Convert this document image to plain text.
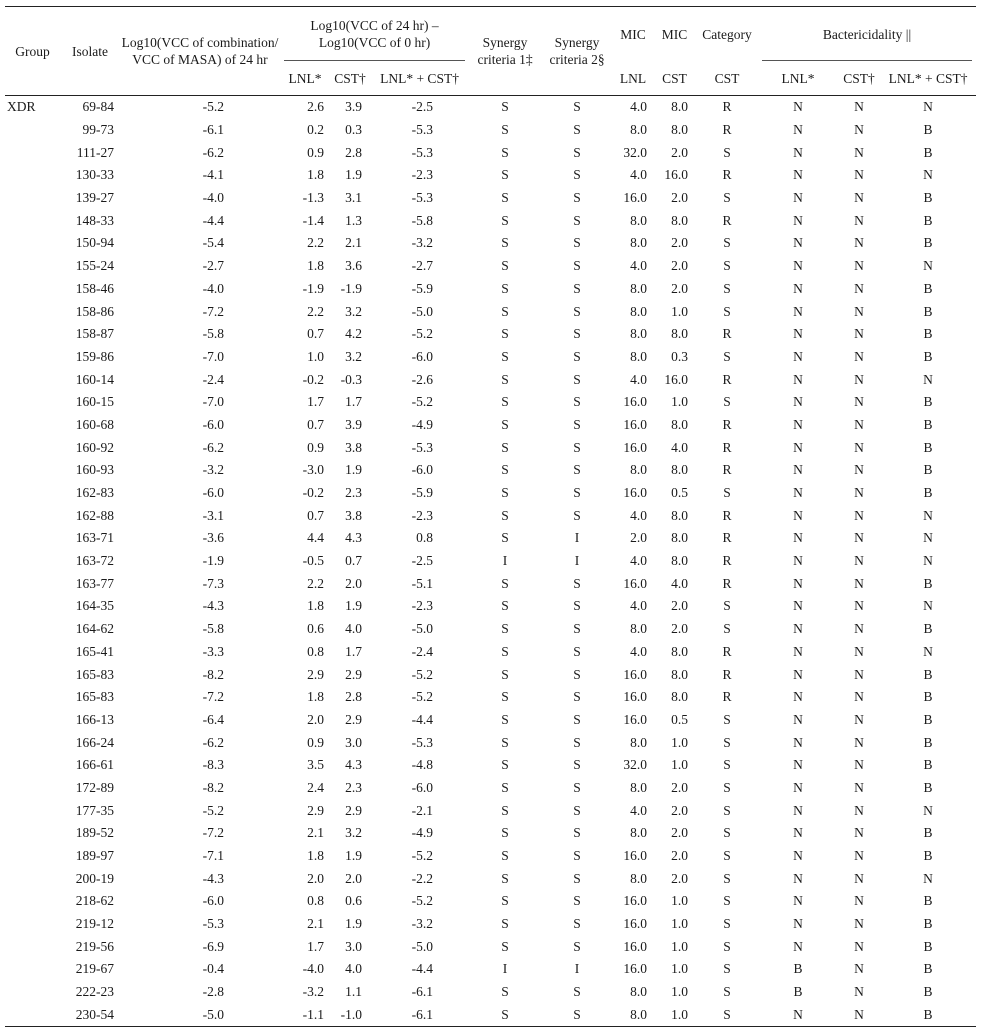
Group	Isolate	Log10(VCC of combination/ VCC of MASA) of 24 hr	Log10(VCC of 24 hr) – Log10(VCC of 0 hr)			Synergy criteria 1‡	Synergy criteria 2§	MIC	MIC	Category	Bactericidality ||		
			LNL*	CST†	LNL* + CST†			LNL	CST	CST	LNL*	CST†	LNL* + CST†
XDR	69-84	-5.2	2.6	3.9	-2.5	S	S	4.0	8.0	R	N	N	N
	99-73	-6.1	0.2	0.3	-5.3	S	S	8.0	8.0	R	N	N	B
	111-27	-6.2	0.9	2.8	-5.3	S	S	32.0	2.0	S	N	N	B
	130-33	-4.1	1.8	1.9	-2.3	S	S	4.0	16.0	R	N	N	N
	139-27	-4.0	-1.3	3.1	-5.3	S	S	16.0	2.0	S	N	N	B
	148-33	-4.4	-1.4	1.3	-5.8	S	S	8.0	8.0	R	N	N	B
	150-94	-5.4	2.2	2.1	-3.2	S	S	8.0	2.0	S	N	N	B
	155-24	-2.7	1.8	3.6	-2.7	S	S	4.0	2.0	S	N	N	N
	158-46	-4.0	-1.9	-1.9	-5.9	S	S	8.0	2.0	S	N	N	B
	158-86	-7.2	2.2	3.2	-5.0	S	S	8.0	1.0	S	N	N	B
	158-87	-5.8	0.7	4.2	-5.2	S	S	8.0	8.0	R	N	N	B
	159-86	-7.0	1.0	3.2	-6.0	S	S	8.0	0.3	S	N	N	B
	160-14	-2.4	-0.2	-0.3	-2.6	S	S	4.0	16.0	R	N	N	N
	160-15	-7.0	1.7	1.7	-5.2	S	S	16.0	1.0	S	N	N	B
	160-68	-6.0	0.7	3.9	-4.9	S	S	16.0	8.0	R	N	N	B
	160-92	-6.2	0.9	3.8	-5.3	S	S	16.0	4.0	R	N	N	B
	160-93	-3.2	-3.0	1.9	-6.0	S	S	8.0	8.0	R	N	N	B
	162-83	-6.0	-0.2	2.3	-5.9	S	S	16.0	0.5	S	N	N	B
	162-88	-3.1	0.7	3.8	-2.3	S	S	4.0	8.0	R	N	N	N
	163-71	-3.6	4.4	4.3	0.8	S	I	2.0	8.0	R	N	N	N
	163-72	-1.9	-0.5	0.7	-2.5	I	I	4.0	8.0	R	N	N	N
	163-77	-7.3	2.2	2.0	-5.1	S	S	16.0	4.0	R	N	N	B
	164-35	-4.3	1.8	1.9	-2.3	S	S	4.0	2.0	S	N	N	N
	164-62	-5.8	0.6	4.0	-5.0	S	S	8.0	2.0	S	N	N	B
	165-41	-3.3	0.8	1.7	-2.4	S	S	4.0	8.0	R	N	N	N
	165-83	-8.2	2.9	2.9	-5.2	S	S	16.0	8.0	R	N	N	B
	165-83	-7.2	1.8	2.8	-5.2	S	S	16.0	8.0	R	N	N	B
	166-13	-6.4	2.0	2.9	-4.4	S	S	16.0	0.5	S	N	N	B
	166-24	-6.2	0.9	3.0	-5.3	S	S	8.0	1.0	S	N	N	B
	166-61	-8.3	3.5	4.3	-4.8	S	S	32.0	1.0	S	N	N	B
	172-89	-8.2	2.4	2.3	-6.0	S	S	8.0	2.0	S	N	N	B
	177-35	-5.2	2.9	2.9	-2.1	S	S	4.0	2.0	S	N	N	N
	189-52	-7.2	2.1	3.2	-4.9	S	S	8.0	2.0	S	N	N	B
	189-97	-7.1	1.8	1.9	-5.2	S	S	16.0	2.0	S	N	N	B
	200-19	-4.3	2.0	2.0	-2.2	S	S	8.0	2.0	S	N	N	N
	218-62	-6.0	0.8	0.6	-5.2	S	S	16.0	1.0	S	N	N	B
	219-12	-5.3	2.1	1.9	-3.2	S	S	16.0	1.0	S	N	N	B
	219-56	-6.9	1.7	3.0	-5.0	S	S	16.0	1.0	S	N	N	B
	219-67	-0.4	-4.0	4.0	-4.4	I	I	16.0	1.0	S	B	N	B
	222-23	-2.8	-3.2	1.1	-6.1	S	S	8.0	1.0	S	B	N	B
	230-54	-5.0	-1.1	-1.0	-6.1	S	S	8.0	1.0	S	N	N	B
